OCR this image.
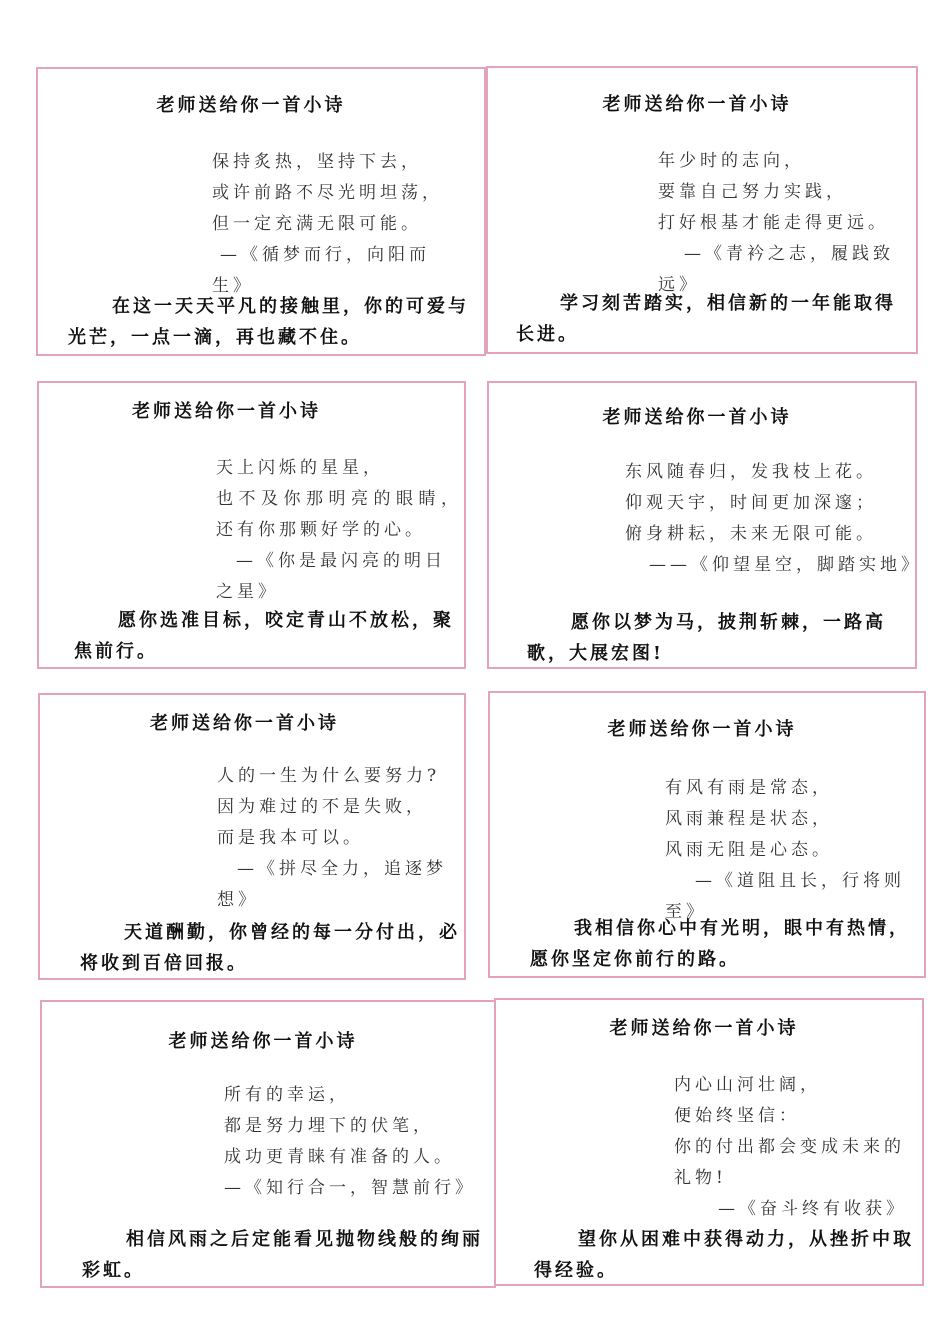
老师送给你一首小诗
保持炙热，坚持下去，
或许前路不尽光明坦荡，
但一定充满无限可能。
—《循梦而行，向阳而生》
在这一天天平凡的接触里，你的可爱与光芒，一点一滴，再也藏不住。
老师送给你一首小诗
年少时的志向，
要靠自己努力实践，
打好根基才能走得更远。
—《青衿之志，履践致远》
学习刻苦踏实，相信新的一年能取得长进。
老师送给你一首小诗
天上闪烁的星星，
也不及你那明亮的眼睛，还有你那颗好学的心。
—《你是最闪亮的明日之星》
愿你选准目标，咬定青山不放松，聚焦前行。
老师送给你一首小诗
东风随春归，发我枝上花。
仰观天宇，时间更加深邃；
俯身耕耘，未来无限可能。
——《仰望星空，脚踏实地》
愿你以梦为马，披荆斩棘，一路高歌，大展宏图!
老师送给你一首小诗
人的一生为什么要努力?
因为难过的不是失败，
而是我本可以。
—《拼尽全力，追逐梦想》
天道酬勤，你曾经的每一分付出，必将收到百倍回报。
老师送给你一首小诗
有风有雨是常态，
风雨兼程是状态，
风雨无阻是心态。
—《道阻且长，行将则至》
我相信你心中有光明，眼中有热情，愿你坚定你前行的路。
老师送给你一首小诗
所有的幸运，
都是努力埋下的伏笔，
成功更青睐有准备的人。
—《知行合一，智慧前行》
相信风雨之后定能看见抛物线般的绚丽彩虹。
老师送给你一首小诗
内心山河壮阔，
便始终坚信：
你的付出都会变成未来的礼物!
—《奋斗终有收获》
望你从困难中获得动力，从挫折中取得经验。
